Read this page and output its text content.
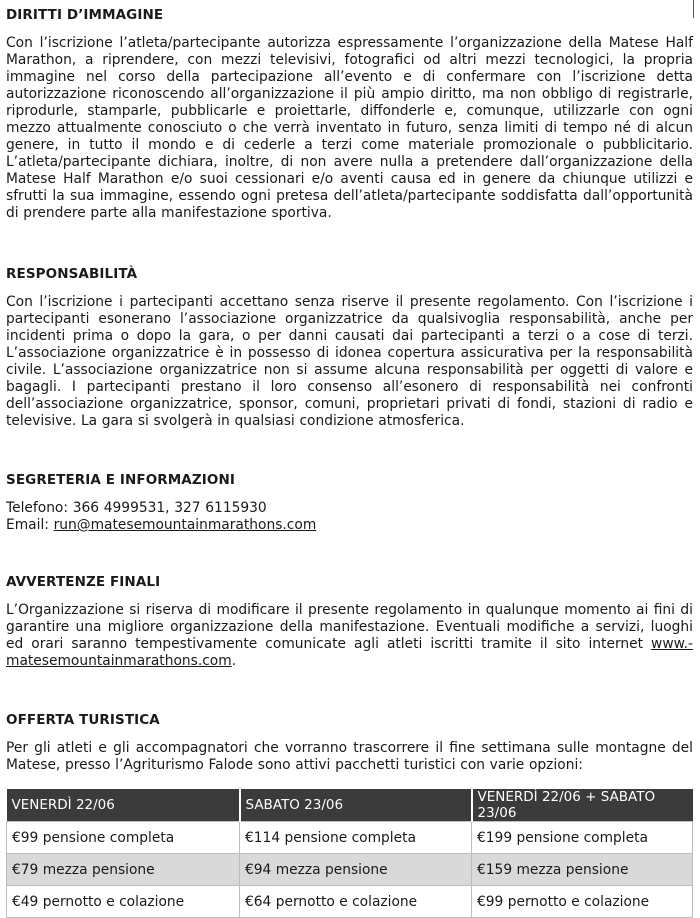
DIRITTI D’IMMAGINE

Con l’iscrizione l’atleta/partecipante autorizza espressamente l’organizzazione della Matese Half Marathon, a riprendere, con mezzi televisivi, fotografici od altri mezzi tecnologici, la propria immagine nel corso della partecipazione all’evento e di confermare con l’iscrizione detta autorizzazione riconoscendo all’organizzazione il più ampio diritto, ma non obbligo di registrarle, riprodurle, stamparle, pubblicarle e proiettarle, diffonderle e, comunque, utilizzarle con ogni mezzo attualmente conosciuto o che verrà inventato in futuro, senza limiti di tempo né di alcun genere, in tutto il mondo e di cederle a terzi come materiale promozionale o pubblicitario. L’atleta/partecipante dichiara, inoltre, di non avere nulla a pretendere dall’organizzazione della Matese Half Marathon e/o suoi cessionari e/o aventi causa ed in genere da chiunque utilizzi e sfrutti la sua immagine, essendo ogni pretesa dell’atleta/partecipante soddisfatta dall’opportunità di prendere parte alla manifestazione sportiva.

RESPONSABILITÀ

Con l’iscrizione i partecipanti accettano senza riserve il presente regolamento. Con l’iscrizione i partecipanti esonerano l’associazione organizzatrice da qualsivoglia responsabilità, anche per incidenti prima o dopo la gara, o per danni causati dai partecipanti a terzi o a cose di terzi. L’associazione organizzatrice è in possesso di idonea copertura assicurativa per la responsabilità civile. L’associazione organizzatrice non si assume alcuna responsabilità per oggetti di valore e bagagli. I partecipanti prestano il loro consenso all’esonero di responsabilità nei confronti dell’associazione organizzatrice, sponsor, comuni, proprietari privati di fondi, stazioni di radio e televisive. La gara si svolgerà in qualsiasi condizione atmosferica.

SEGRETERIA E INFORMAZIONI

Telefono: 366 4999531, 327 6115930

Email: run@matesemountainmarathons.com

AVVERTENZE FINALI

L’Organizzazione si riserva di modificare il presente regolamento in qualunque momento ai fini di garantire una migliore organizzazione della manifestazione. Eventuali modifiche a servizi, luoghi ed orari saranno tempestivamente comunicate agli atleti iscritti tramite il sito internet www.-matesemountainmarathons.com.

OFFERTA TURISTICA

Per gli atleti e gli accompagnatori che vorranno trascorrere il fine settimana sulle montagne del Matese, presso l’Agriturismo Falode sono attivi pacchetti turistici con varie opzioni:

VENERDÌ 22/06	SABATO 23/06	VENERDÌ 22/06 + SABATO 23/06
€99 pensione completa	€114 pensione completa	€199 pensione completa
€79 mezza pensione	€94 mezza pensione	€159 mezza pensione
€49 pernotto e colazione	€64 pernotto e colazione	€99 pernotto e colazione
